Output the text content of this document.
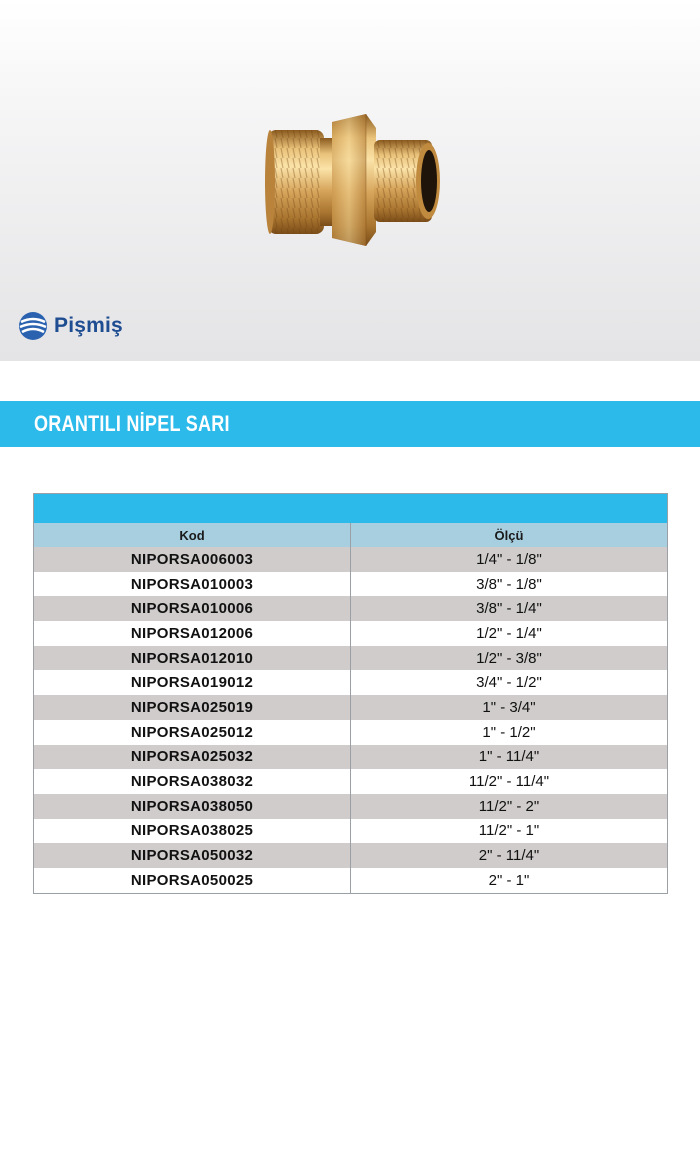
Pişmiş
ORANTILI NİPEL SARI
Kod	Ölçü
NIPORSA006003	1/4" - 1/8"
NIPORSA010003	3/8" - 1/8"
NIPORSA010006	3/8" - 1/4"
NIPORSA012006	1/2" - 1/4"
NIPORSA012010	1/2" - 3/8"
NIPORSA019012	3/4" - 1/2"
NIPORSA025019	1" - 3/4"
NIPORSA025012	1" - 1/2"
NIPORSA025032	1" - 11/4"
NIPORSA038032	11/2" - 11/4"
NIPORSA038050	11/2" - 2"
NIPORSA038025	11/2" - 1"
NIPORSA050032	2" - 11/4"
NIPORSA050025	2" - 1"
